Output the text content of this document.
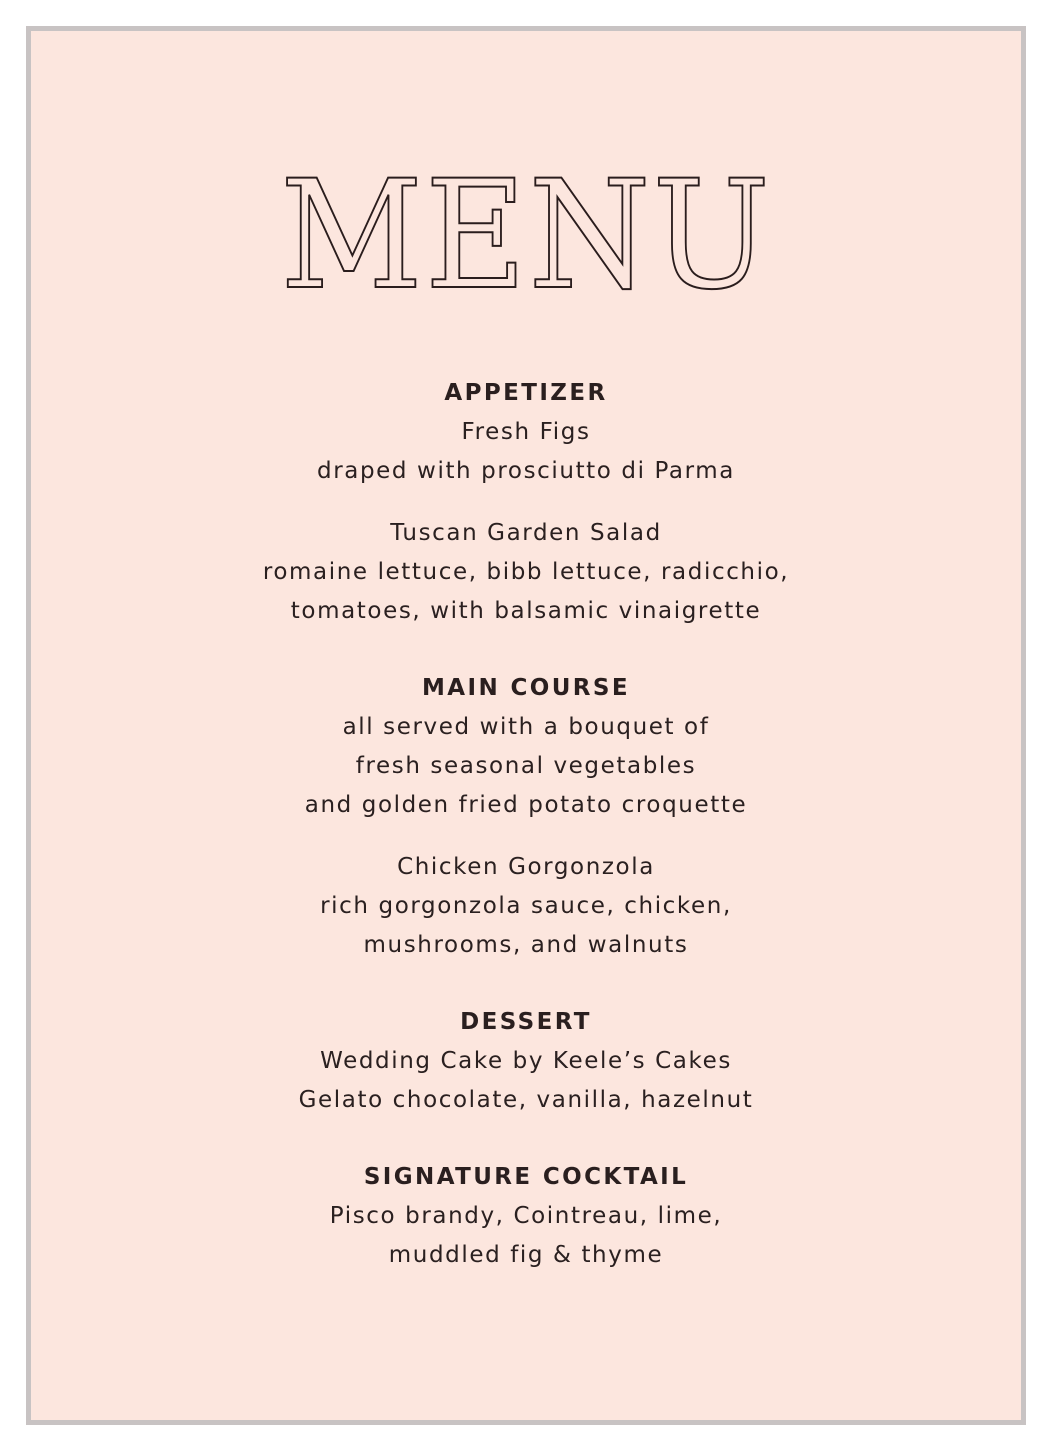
MENU

APPETIZER

Fresh Figs

draped with prosciutto di Parma

Tuscan Garden Salad

romaine lettuce, bibb lettuce, radicchio,

tomatoes, with balsamic vinaigrette

MAIN COURSE

all served with a bouquet of

fresh seasonal vegetables

and golden fried potato croquette

Chicken Gorgonzola

rich gorgonzola sauce, chicken,

mushrooms, and walnuts

DESSERT

Wedding Cake by Keele’s Cakes

Gelato chocolate, vanilla, hazelnut

SIGNATURE COCKTAIL

Pisco brandy, Cointreau, lime,

muddled fig & thyme
